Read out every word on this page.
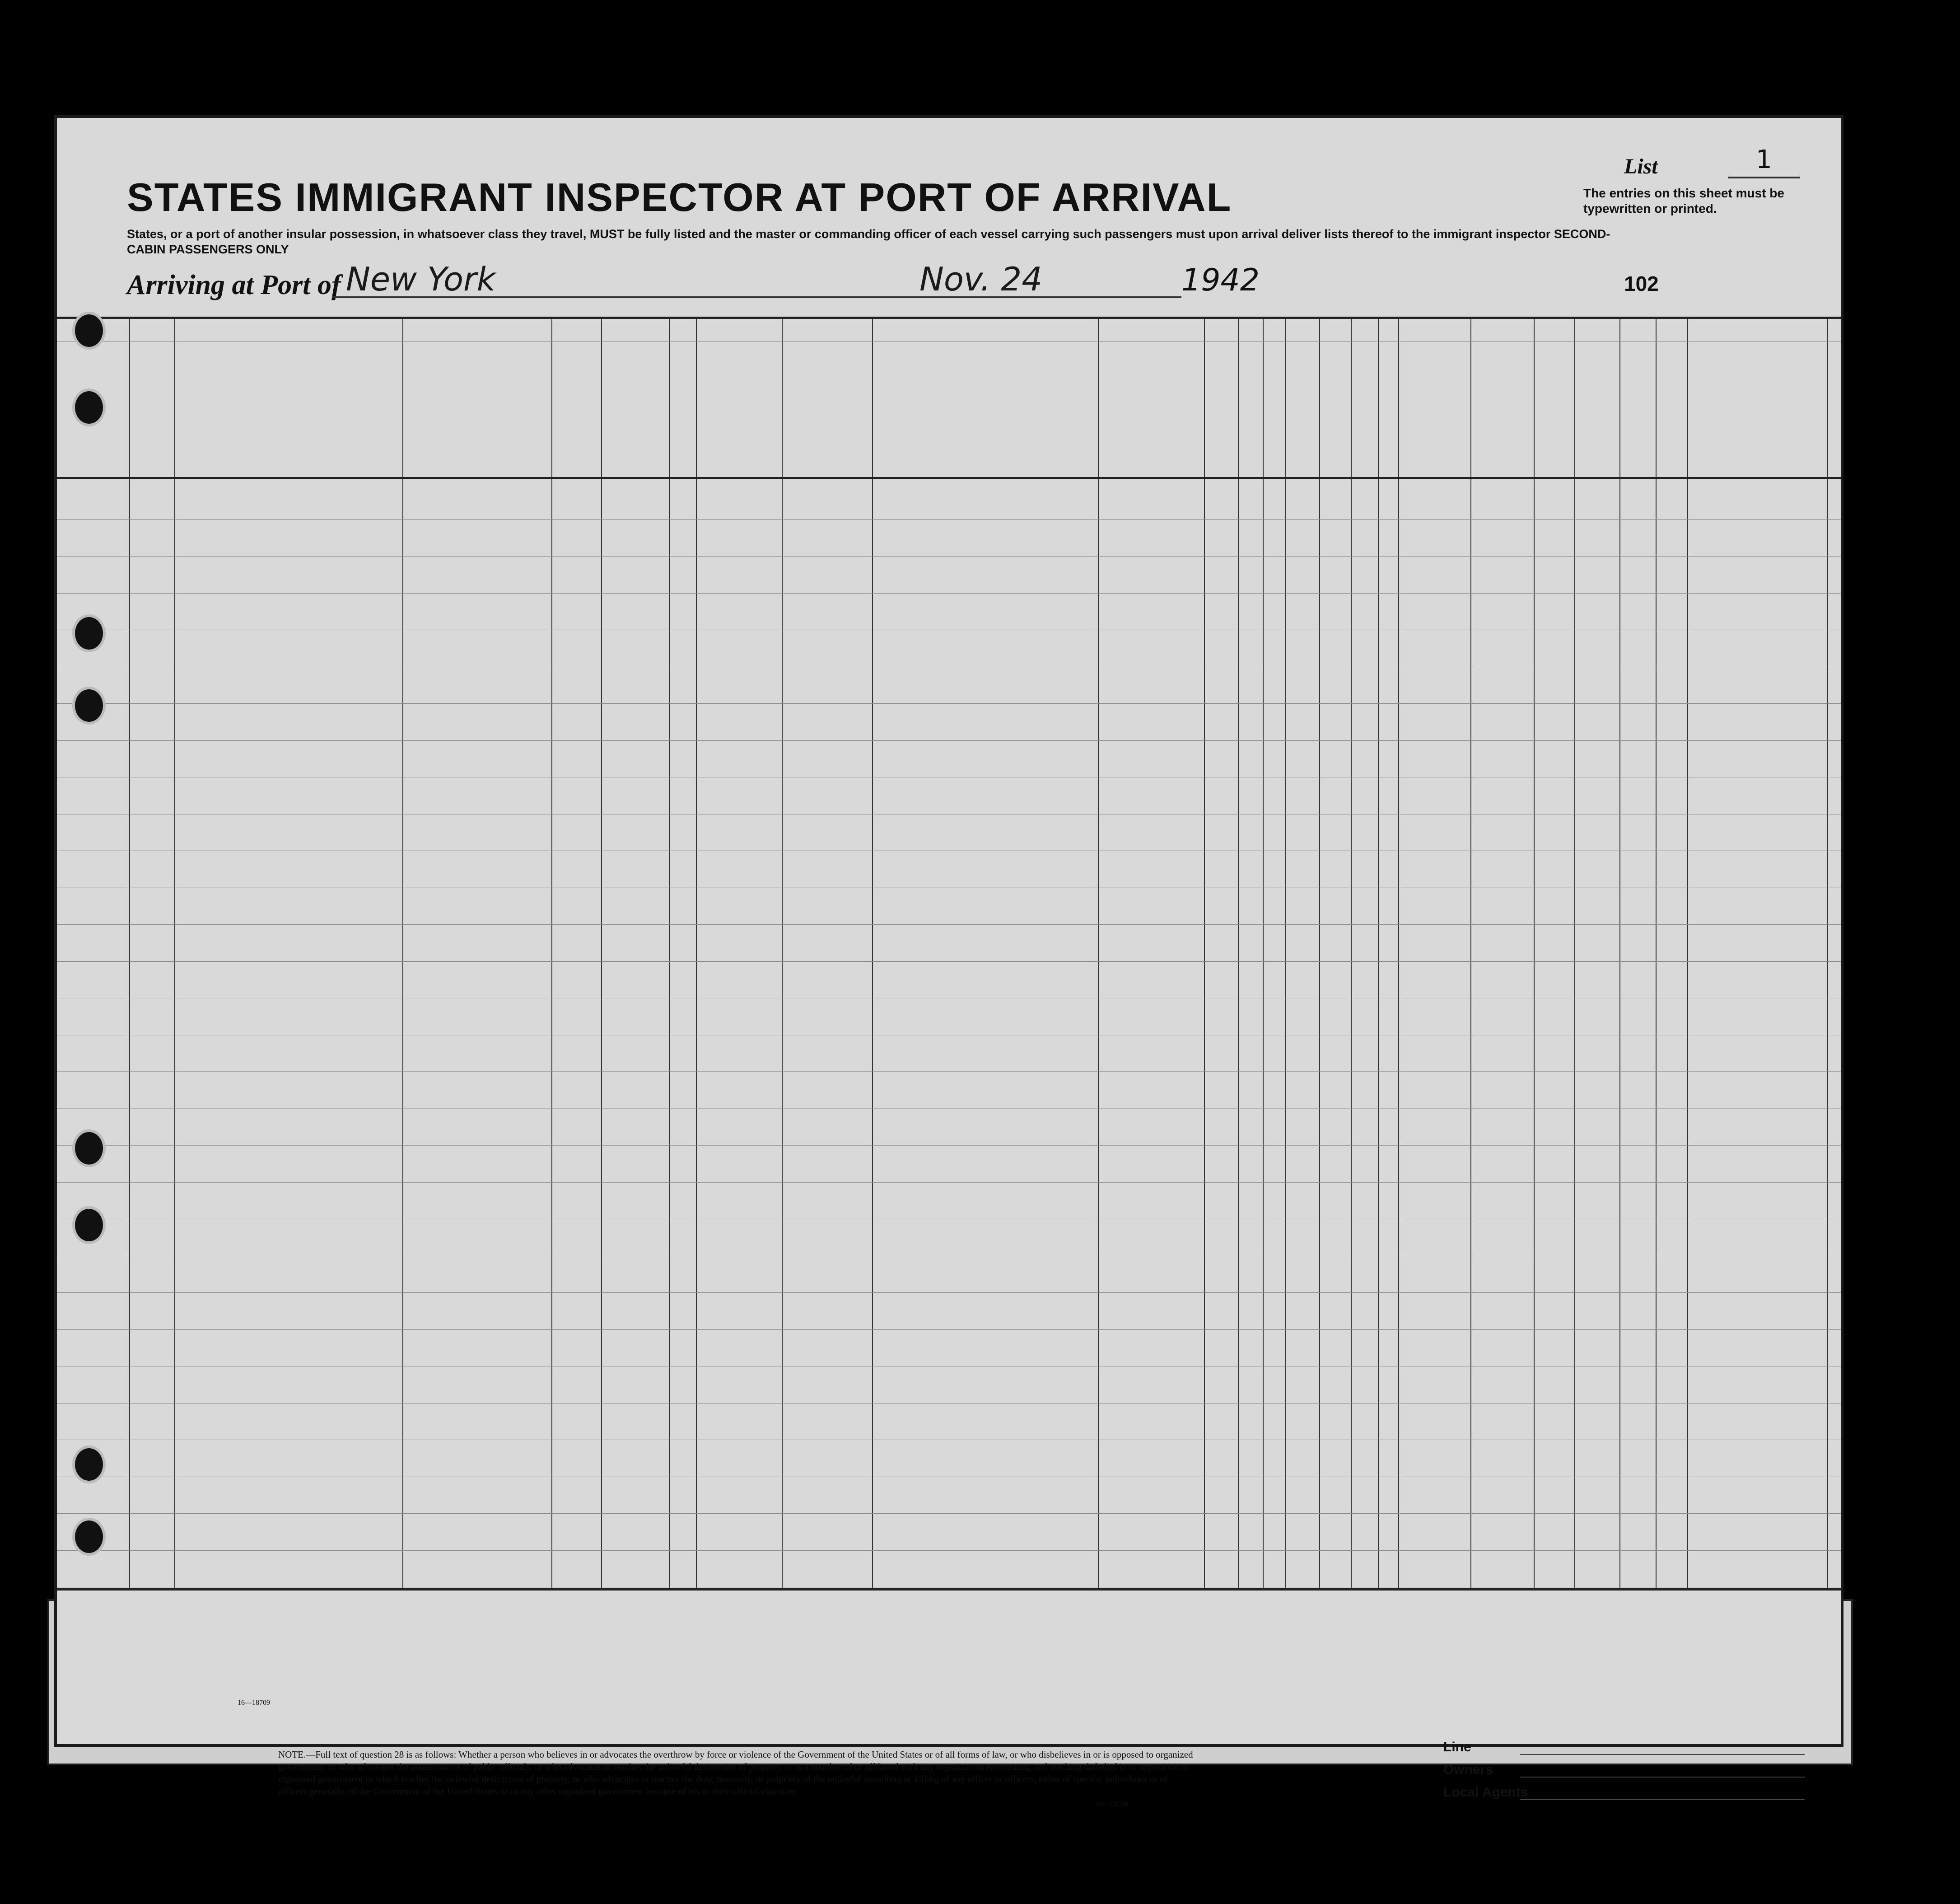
STATES IMMIGRANT INSPECTOR AT PORT OF ARRIVAL
States, or a port of another insular possession, in whatsoever class they travel, MUST be fully listed and the master or commanding officer of each vessel carrying such passengers must upon arrival deliver lists thereof to the immigrant inspector SECOND-CABIN PASSENGERS ONLY
List	1
The entries on this sheet must be typewritten or printed.
Arriving at Port of New York	Nov. 24	1942	102
16—18709
NOTE.—Full text of question 28 is as follows: Whether a person who believes in or advocates the overthrow by force or violence of the Government of the United States or of all forms of law, or who disbelieves in or is opposed to organized government, or who advocates the assassination of public officials, or who advocates or teaches the unlawful destruction of property, or is a member of or affiliated with any organization entertaining and teaching disbelief in or opposition to organized government or which teaches the unlawful destruction of property, or who advocates or teaches the duty, necessity, or propriety of the unlawful assaulting or killing of any officer or officers, either of specific individuals or of officers generally, of the Government of the United States or of any other organized government because of his or their official character.
16—18709
Line
Owners
Local Agents
